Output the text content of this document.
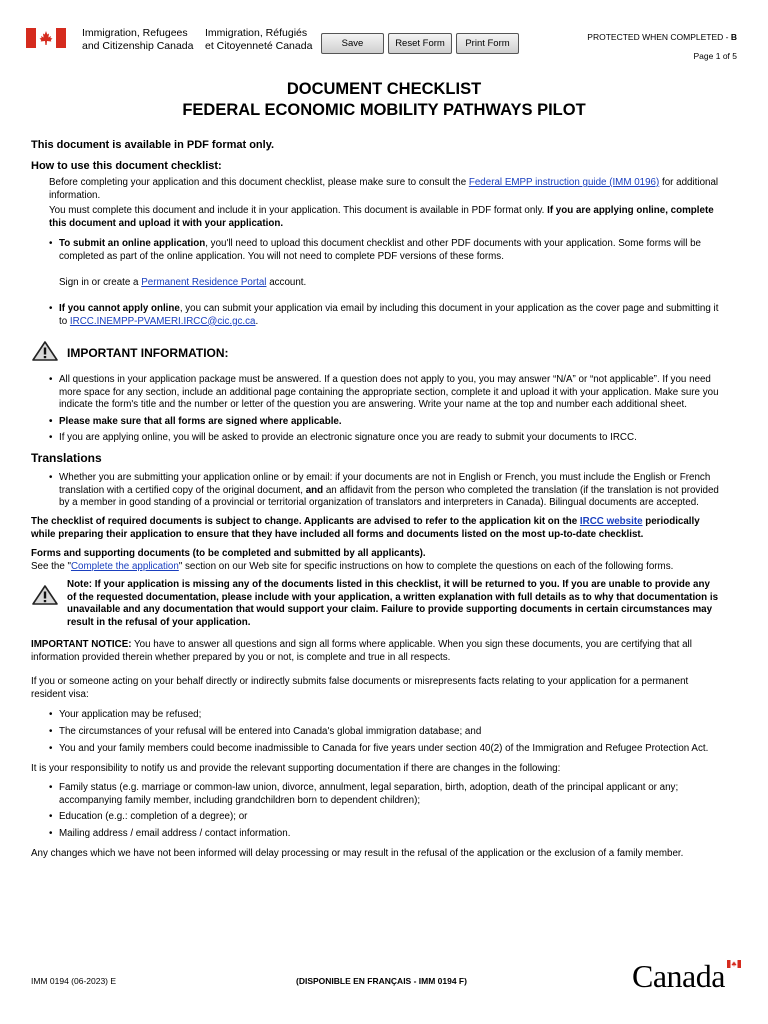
Immigration, Refugees
and Citizenship Canada
Immigration, Réfugiés
et Citoyenneté Canada	Save	Reset Form	Print Form
PROTECTED WHEN COMPLETED - B
Page 1 of 5
DOCUMENT CHECKLIST
FEDERAL ECONOMIC MOBILITY PATHWAYS PILOT
This document is available in PDF format only.
How to use this document checklist:
Before completing your application and this document checklist, please make sure to consult the Federal EMPP instruction guide (IMM 0196) for additional
information.
You must complete this document and include it in your application. This document is available in PDF format only. If you are applying online, complete
this document and upload it with your application.
• To submit an online application, you'll need to upload this document checklist and other PDF documents with your application. Some forms will be
completed as part of the online application. You will not need to complete PDF versions of these forms.
Sign in or create a Permanent Residence Portal account.
• If you cannot apply online, you can submit your application via email by including this document in your application as the cover page and submitting it
to IRCC.INEMPP-PVAMERI.IRCC@cic.gc.ca.
IMPORTANT INFORMATION:
• All questions in your application package must be answered. If a question does not apply to you, you may answer “N/A” or “not applicable”. If you need
more space for any section, include an additional page containing the appropriate section, complete it and upload it with your application. Make sure you
indicate the form's title and the number or letter of the question you are answering. Write your name at the top and number each additional sheet.
• Please make sure that all forms are signed where applicable.
• If you are applying online, you will be asked to provide an electronic signature once you are ready to submit your documents to IRCC.
Translations
• Whether you are submitting your application online or by email: if your documents are not in English or French, you must include the English or French
translation with a certified copy of the original document, and an affidavit from the person who completed the translation (if the translation is not provided
by a member in good standing of a provincial or territorial organization of translators and interpreters in Canada). Bilingual documents are accepted.
The checklist of required documents is subject to change. Applicants are advised to refer to the application kit on the IRCC website periodically
while preparing their application to ensure that they have included all forms and documents listed on the most up-to-date checklist.
Forms and supporting documents (to be completed and submitted by all applicants).
See the "Complete the application" section on our Web site for specific instructions on how to complete the questions on each of the following forms.
Note: If your application is missing any of the documents listed in this checklist, it will be returned to you. If you are unable to provide any
of the requested documentation, please include with your application, a written explanation with full details as to why that documentation is
unavailable and any documentation that would support your claim. Failure to provide supporting documents in certain circumstances may
result in the refusal of your application.
IMPORTANT NOTICE: You have to answer all questions and sign all forms where applicable. When you sign these documents, you are certifying that all
information provided therein whether prepared by you or not, is complete and true in all respects.
If you or someone acting on your behalf directly or indirectly submits false documents or misrepresents facts relating to your application for a permanent
resident visa:
• Your application may be refused;
• The circumstances of your refusal will be entered into Canada's global immigration database; and
• You and your family members could become inadmissible to Canada for five years under section 40(2) of the Immigration and Refugee Protection Act.
It is your responsibility to notify us and provide the relevant supporting documentation if there are changes in the following:
• Family status (e.g. marriage or common-law union, divorce, annulment, legal separation, birth, adoption, death of the principal applicant or any;
accompanying family member, including grandchildren born to dependent children);
• Education (e.g.: completion of a degree); or
• Mailing address / email address / contact information.
Any changes which we have not been informed will delay processing or may result in the refusal of the application or the exclusion of a family member.
IMM 0194 (06-2023) E	(DISPONIBLE EN FRANÇAIS - IMM 0194 F)	Canada
